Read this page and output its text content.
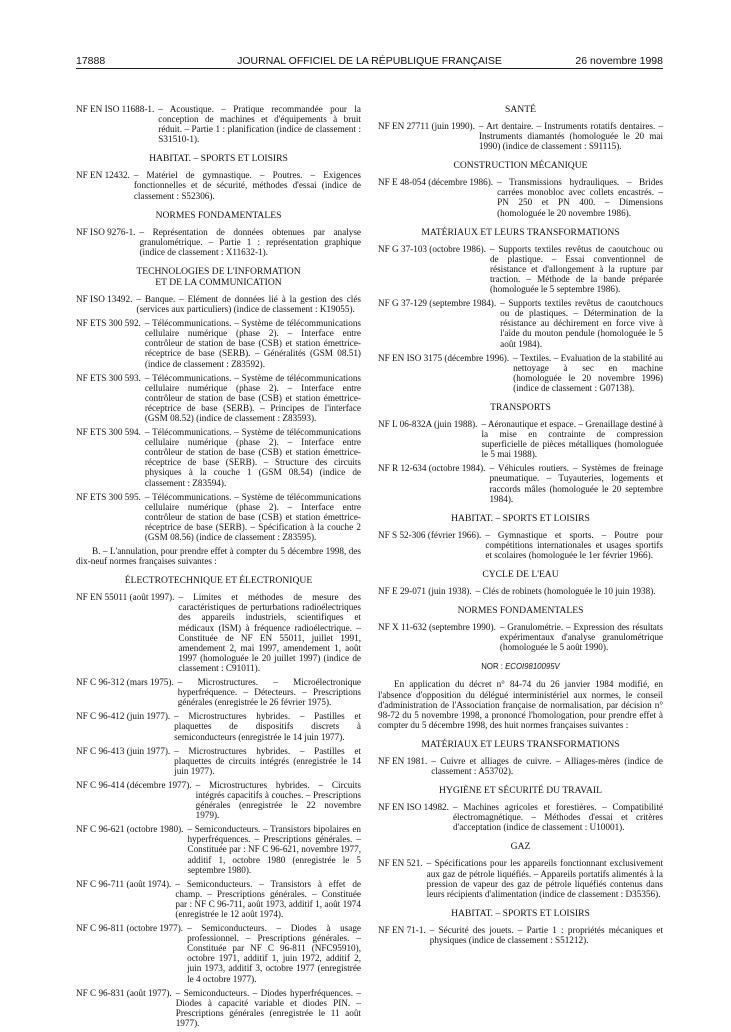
17888	JOURNAL OFFICIEL DE LA RÉPUBLIQUE FRANÇAISE	26 novembre 1998
NF EN ISO 11688-1. – Acoustique. – Pratique recommandée pour la conception de machines et d'équipements à bruit réduit. – Partie 1 : planification (indice de classement : S31510-1).
HABITAT. – SPORTS ET LOISIRS
NF EN 12432. – Matériel de gymnastique. – Poutres. – Exigences fonctionnelles et de sécurité, méthodes d'essai (indice de classement : S52306).
NORMES FONDAMENTALES
NF ISO 9276-1. – Représentation de données obtenues par analyse granulométrique. – Partie 1 : représentation graphique (indice de classement : X11632-1).
TECHNOLOGIES DE L'INFORMATION
ET DE LA COMMUNICATION
NF ISO 13492. – Banque. – Elément de données lié à la gestion des clés (services aux particuliers) (indice de classement : K19055).
NF ETS 300 592. – Télécommunications. – Système de télécommunications cellulaire numérique (phase 2). – Interface entre contrôleur de station de base (CSB) et station émettrice-réceptrice de base (SERB). – Généralités (GSM 08.51) (indice de classement : Z83592).
NF ETS 300 593. – Télécommunications. – Système de télécommunications cellulaire numérique (phase 2). – Interface entre contrôleur de station de base (CSB) et station émettrice-réceptrice de base (SERB). – Principes de l'interface (GSM 08.52) (indice de classement : Z83593).
NF ETS 300 594. – Télécommunications. – Système de télécommunications cellulaire numérique (phase 2). – Interface entre contrôleur de station de base (CSB) et station émettrice-réceptrice de base (SERB). – Structure des circuits physiques à la couche 1 (GSM 08.54) (indice de classement : Z83594).
NF ETS 300 595. – Télécommunications. – Système de télécommunications cellulaire numérique (phase 2). – Interface entre contrôleur de station de base (CSB) et station émettrice-réceptrice de base (SERB). – Spécification à la couche 2 (GSM 08.56) (indice de classement : Z83595).
B. – L'annulation, pour prendre effet à compter du 5 décembre 1998, des dix-neuf normes françaises suivantes :
ÉLECTROTECHNIQUE ET ÉLECTRONIQUE
NF EN 55011 (août 1997). – Limites et méthodes de mesure des caractéristiques de perturbations radioélectriques des appareils industriels, scientifiques et médicaux (ISM) à fréquence radioélectrique. – Constituée de NF EN 55011, juillet 1991, amendement 2, mai 1997, amendement 1, août 1997 (homologuée le 20 juillet 1997) (indice de classement : C91011).
NF C 96-312 (mars 1975). – Microstructures. – Microélectronique hyperfréquence. – Détecteurs. – Prescriptions générales (enregistrée le 26 février 1975).
NF C 96-412 (juin 1977). – Microstructures hybrides. – Pastilles et plaquettes de dispositifs discrets à semiconducteurs (enregistrée le 14 juin 1977).
NF C 96-413 (juin 1977). – Microstructures hybrides. – Pastilles et plaquettes de circuits intégrés (enregistrée le 14 juin 1977).
NF C 96-414 (décembre 1977). – Microstructures hybrides. – Circuits intégrés capacitifs à couches. – Prescriptions générales (enregistrée le 22 novembre 1979).
NF C 96-621 (octobre 1980). – Semiconducteurs. – Transistors bipolaires en hyperfréquences. – Prescriptions générales. – Constituée par : NF C 96-621, novembre 1977, additif 1, octobre 1980 (enregistrée le 5 septembre 1980).
NF C 96-711 (août 1974). – Semiconducteurs. – Transistors à effet de champ. – Prescriptions générales. – Constituée par : NF C 96-711, août 1973, additif 1, août 1974 (enregistrée le 12 août 1974).
NF C 96-811 (octobre 1977). – Semiconducteurs. – Diodes à usage professionnel. – Prescriptions générales. – Constituée par NF C 96-811 (NFC95910), octobre 1971, additif 1, juin 1972, additif 2, juin 1973, additif 3, octobre 1977 (enregistrée le 4 octobre 1977).
NF C 96-831 (août 1977). – Semiconducteurs. – Diodes hyperfréquences. – Diodes à capacité variable et diodes PIN. – Prescriptions générales (enregistrée le 11 août 1977).
SANTÉ
NF EN 27711 (juin 1990). – Art dentaire. – Instruments rotatifs dentaires. – Instruments diamantés (homologuée le 20 mai 1990) (indice de classement : S91115).
CONSTRUCTION MÉCANIQUE
NF E 48-054 (décembre 1986). – Transmissions hydrauliques. – Brides carrées monobloc avec collets encastrés. – PN 250 et PN 400. – Dimensions (homologuée le 20 novembre 1986).
MATÉRIAUX ET LEURS TRANSFORMATIONS
NF G 37-103 (octobre 1986). – Supports textiles revêtus de caoutchouc ou de plastique. – Essai conventionnel de résistance et d'allongement à la rupture par traction. – Méthode de la bande préparée (homologuée le 5 septembre 1986).
NF G 37-129 (septembre 1984). – Supports textiles revêtus de caoutchoucs ou de plastiques. – Détermination de la résistance au déchirement en force vive à l'aide du mouton pendule (homologuée le 5 août 1984).
NF EN ISO 3175 (décembre 1996). – Textiles. – Evaluation de la stabilité au nettoyage à sec en machine (homologuée le 20 novembre 1996) (indice de classement : G07138).
TRANSPORTS
NF L 06-832A (juin 1988). – Aéronautique et espace. – Grenaillage destiné à la mise en contrainte de compression superficielle de pièces métalliques (homologuée le 5 mai 1988).
NF R 12-634 (octobre 1984). – Véhicules routiers. – Systèmes de freinage pneumatique. – Tuyauteries, logements et raccords mâles (homologuée le 20 septembre 1984).
HABITAT. – SPORTS ET LOISIRS
NF S 52-306 (février 1966). – Gymnastique et sports. – Poutre pour compétitions internationales et usages sportifs et scolaires (homologuée le 1er février 1966).
CYCLE DE L'EAU
NF E 29-071 (juin 1938). – Clés de robinets (homologuée le 10 juin 1938).
NORMES FONDAMENTALES
NF X 11-632 (septembre 1990). – Granulométrie. – Expression des résultats expérimentaux d'analyse granulométrique (homologuée le 5 août 1990).
NOR : ECOI9810095V
En application du décret n° 84-74 du 26 janvier 1984 modifié, en l'absence d'opposition du délégué interministériel aux normes, le conseil d'administration de l'Association française de normalisation, par décision n° 98-72 du 5 novembre 1998, a prononcé l'homologation, pour prendre effet à compter du 5 décembre 1998, des huit normes françaises suivantes :
MATÉRIAUX ET LEURS TRANSFORMATIONS
NF EN 1981. – Cuivre et alliages de cuivre. – Alliages-mères (indice de classement : A53702).
HYGIÈNE ET SÉCURITÉ DU TRAVAIL
NF EN ISO 14982. – Machines agricoles et forestières. – Compatibilité électromagnétique. – Méthodes d'essai et critères d'acceptation (indice de classement : U10001).
GAZ
NF EN 521. – Spécifications pour les appareils fonctionnant exclusivement aux gaz de pétrole liquéfiés. – Appareils portatifs alimentés à la pression de vapeur des gaz de pétrole liquéfiés contenus dans leurs récipients d'alimentation (indice de classement : D35356).
HABITAT. – SPORTS ET LOISIRS
NF EN 71-1. – Sécurité des jouets. – Partie 1 : propriétés mécaniques et physiques (indice de classement : S51212).
